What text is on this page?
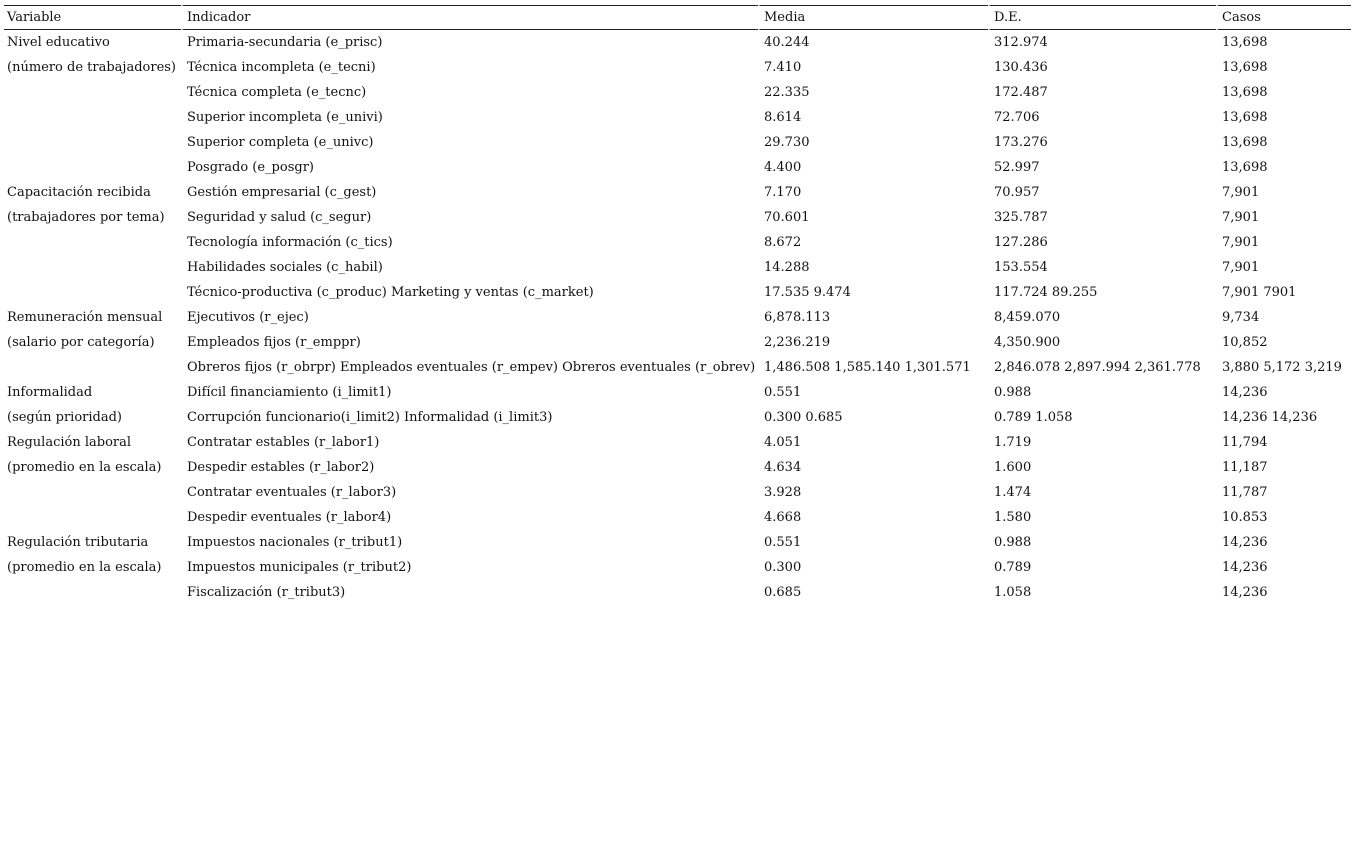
Variable	Indicador	Media	D.E.	Casos
Nivel educativo	Primaria-secundaria (e_prisc)	40.244	312.974	13,698
(número de trabajadores)	Técnica incompleta (e_tecni)	7.410	130.436	13,698
	Técnica completa (e_tecnc)	22.335	172.487	13,698
	Superior incompleta (e_univi)	8.614	72.706	13,698
	Superior completa (e_univc)	29.730	173.276	13,698
	Posgrado (e_posgr)	4.400	52.997	13,698
Capacitación recibida	Gestión empresarial (c_gest)	7.170	70.957	7,901
(trabajadores por tema)	Seguridad y salud (c_segur)	70.601	325.787	7,901
	Tecnología información (c_tics)	8.672	127.286	7,901
	Habilidades sociales (c_habil)	14.288	153.554	7,901
	Técnico-productiva (c_produc) Marketing y ventas (c_market)	17.535 9.474	117.724 89.255	7,901 7901
Remuneración mensual	Ejecutivos (r_ejec)	6,878.113	8,459.070	9,734
(salario por categoría)	Empleados fijos (r_emppr)	2,236.219	4,350.900	10,852
	Obreros fijos (r_obrpr) Empleados eventuales (r_empev) Obreros eventuales (r_obrev)	1,486.508 1,585.140 1,301.571	2,846.078 2,897.994 2,361.778	3,880 5,172 3,219
Informalidad	Difícil financiamiento (i_limit1)	0.551	0.988	14,236
(según prioridad)	Corrupción funcionario(i_limit2) Informalidad (i_limit3)	0.300 0.685	0.789 1.058	14,236 14,236
Regulación laboral	Contratar estables (r_labor1)	4.051	1.719	11,794
(promedio en la escala)	Despedir estables (r_labor2)	4.634	1.600	11,187
	Contratar eventuales (r_labor3)	3.928	1.474	11,787
	Despedir eventuales (r_labor4)	4.668	1.580	10.853
Regulación tributaria	Impuestos nacionales (r_tribut1)	0.551	0.988	14,236
(promedio en la escala)	Impuestos municipales (r_tribut2)	0.300	0.789	14,236
	Fiscalización (r_tribut3)	0.685	1.058	14,236
